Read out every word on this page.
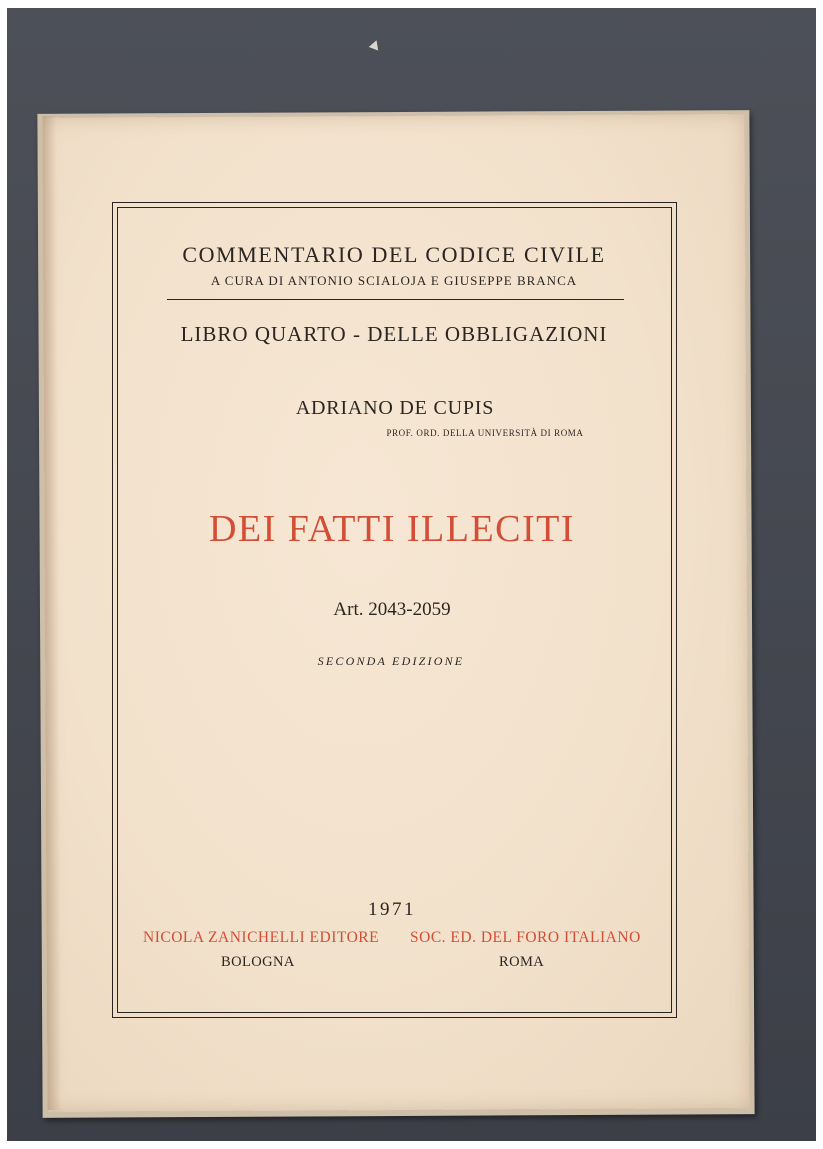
COMMENTARIO DEL CODICE CIVILE
A CURA DI ANTONIO SCIALOJA E GIUSEPPE BRANCA
LIBRO QUARTO - DELLE OBBLIGAZIONI
ADRIANO DE CUPIS
PROF. ORD. DELLA UNIVERSITÀ DI ROMA
DEI FATTI ILLECITI
Art. 2043-2059
SECONDA EDIZIONE
1971
NICOLA ZANICHELLI EDITORE SOC. ED. DEL FORO ITALIANO
BOLOGNA	ROMA
